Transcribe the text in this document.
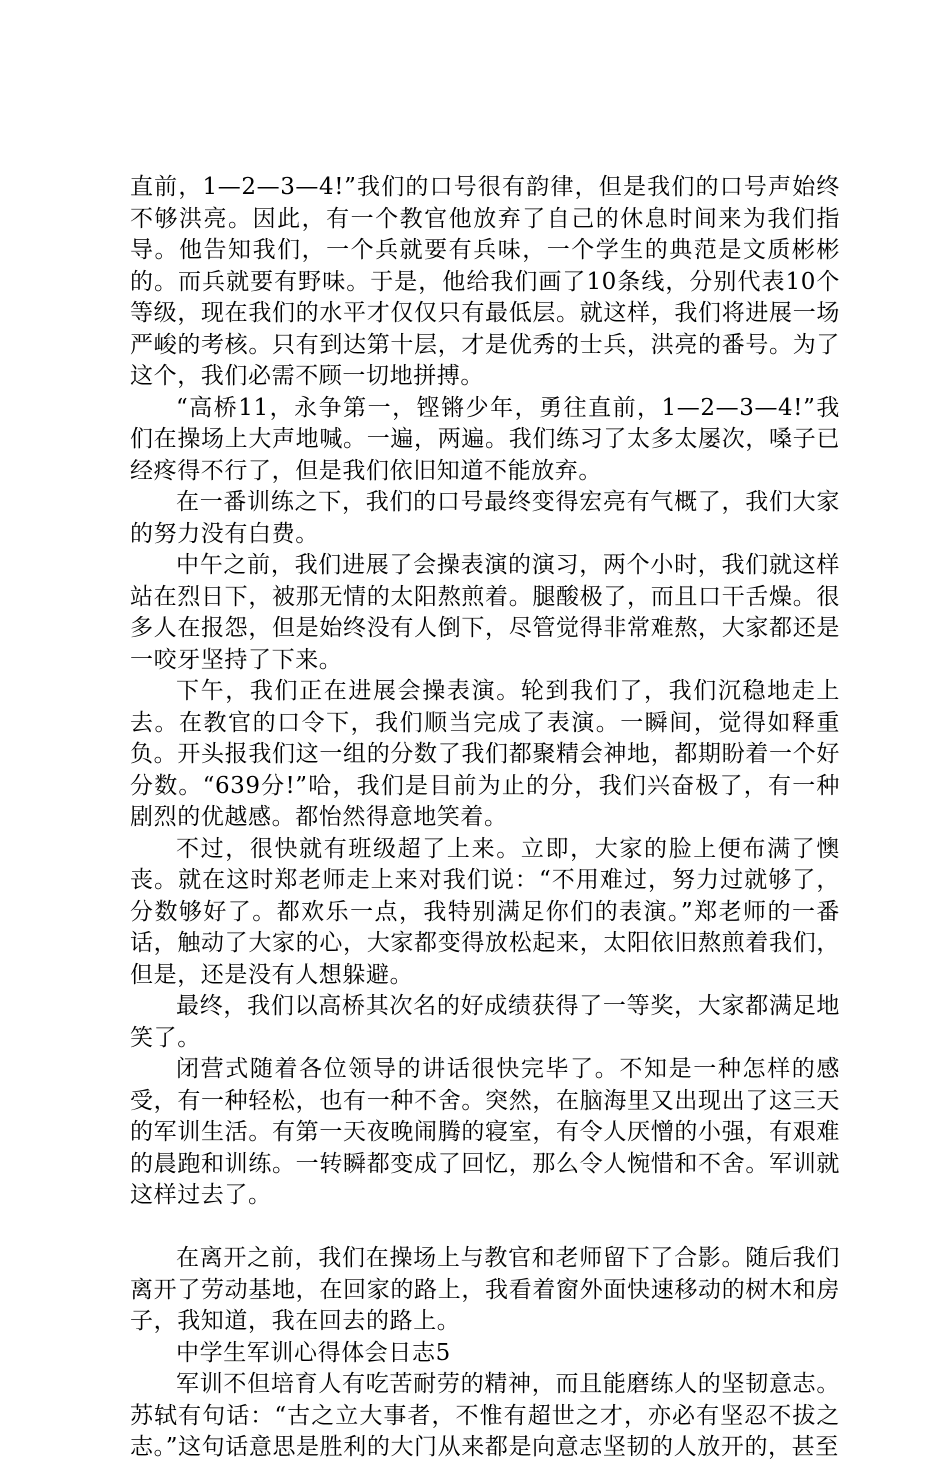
直前，1—2—3—4!”我们的口号很有韵律，但是我们的口号声始终不够洪亮。因此，有一个教官他放弃了自己的休息时间来为我们指导。他告知我们，一个兵就要有兵味，一个学生的典范是文质彬彬的。而兵就要有野味。于是，他给我们画了10条线，分别代表10个等级，现在我们的水平才仅仅只有最低层。就这样，我们将进展一场严峻的考核。只有到达第十层，才是优秀的士兵，洪亮的番号。为了这个，我们必需不顾一切地拼搏。

“高桥11，永争第一，铿锵少年，勇往直前，1—2—3—4!”我们在操场上大声地喊。一遍，两遍。我们练习了太多太屡次，嗓子已经疼得不行了，但是我们依旧知道不能放弃。

在一番训练之下，我们的口号最终变得宏亮有气概了，我们大家的努力没有白费。

中午之前，我们进展了会操表演的演习，两个小时，我们就这样站在烈日下，被那无情的太阳熬煎着。腿酸极了，而且口干舌燥。很多人在报怨，但是始终没有人倒下，尽管觉得非常难熬，大家都还是一咬牙坚持了下来。

下午，我们正在进展会操表演。轮到我们了，我们沉稳地走上去。在教官的口令下，我们顺当完成了表演。一瞬间，觉得如释重负。开头报我们这一组的分数了我们都聚精会神地，都期盼着一个好分数。“639分!”哈，我们是目前为止的分，我们兴奋极了，有一种剧烈的优越感。都怡然得意地笑着。

不过，很快就有班级超了上来。立即，大家的脸上便布满了懊丧。就在这时郑老师走上来对我们说：“不用难过，努力过就够了，分数够好了。都欢乐一点，我特别满足你们的表演。”郑老师的一番话，触动了大家的心，大家都变得放松起来，太阳依旧熬煎着我们，但是，还是没有人想躲避。

最终，我们以高桥其次名的好成绩获得了一等奖，大家都满足地笑了。

闭营式随着各位领导的讲话很快完毕了。不知是一种怎样的感受，有一种轻松，也有一种不舍。突然，在脑海里又出现出了这三天的军训生活。有第一天夜晚闹腾的寝室，有令人厌憎的小强，有艰难的晨跑和训练。一转瞬都变成了回忆，那么令人惋惜和不舍。军训就这样过去了。

在离开之前，我们在操场上与教官和老师留下了合影。随后我们离开了劳动基地，在回家的路上，我看着窗外面快速移动的树木和房子，我知道，我在回去的路上。

中学生军训心得体会日志5

军训不但培育人有吃苦耐劳的精神，而且能磨练人的坚韧意志。苏轼有句话：“古之立大事者，不惟有超世之才，亦必有坚忍不拔之志。”这句话意思是胜利的大门从来都是向意志坚韧的人放开的，甚至
